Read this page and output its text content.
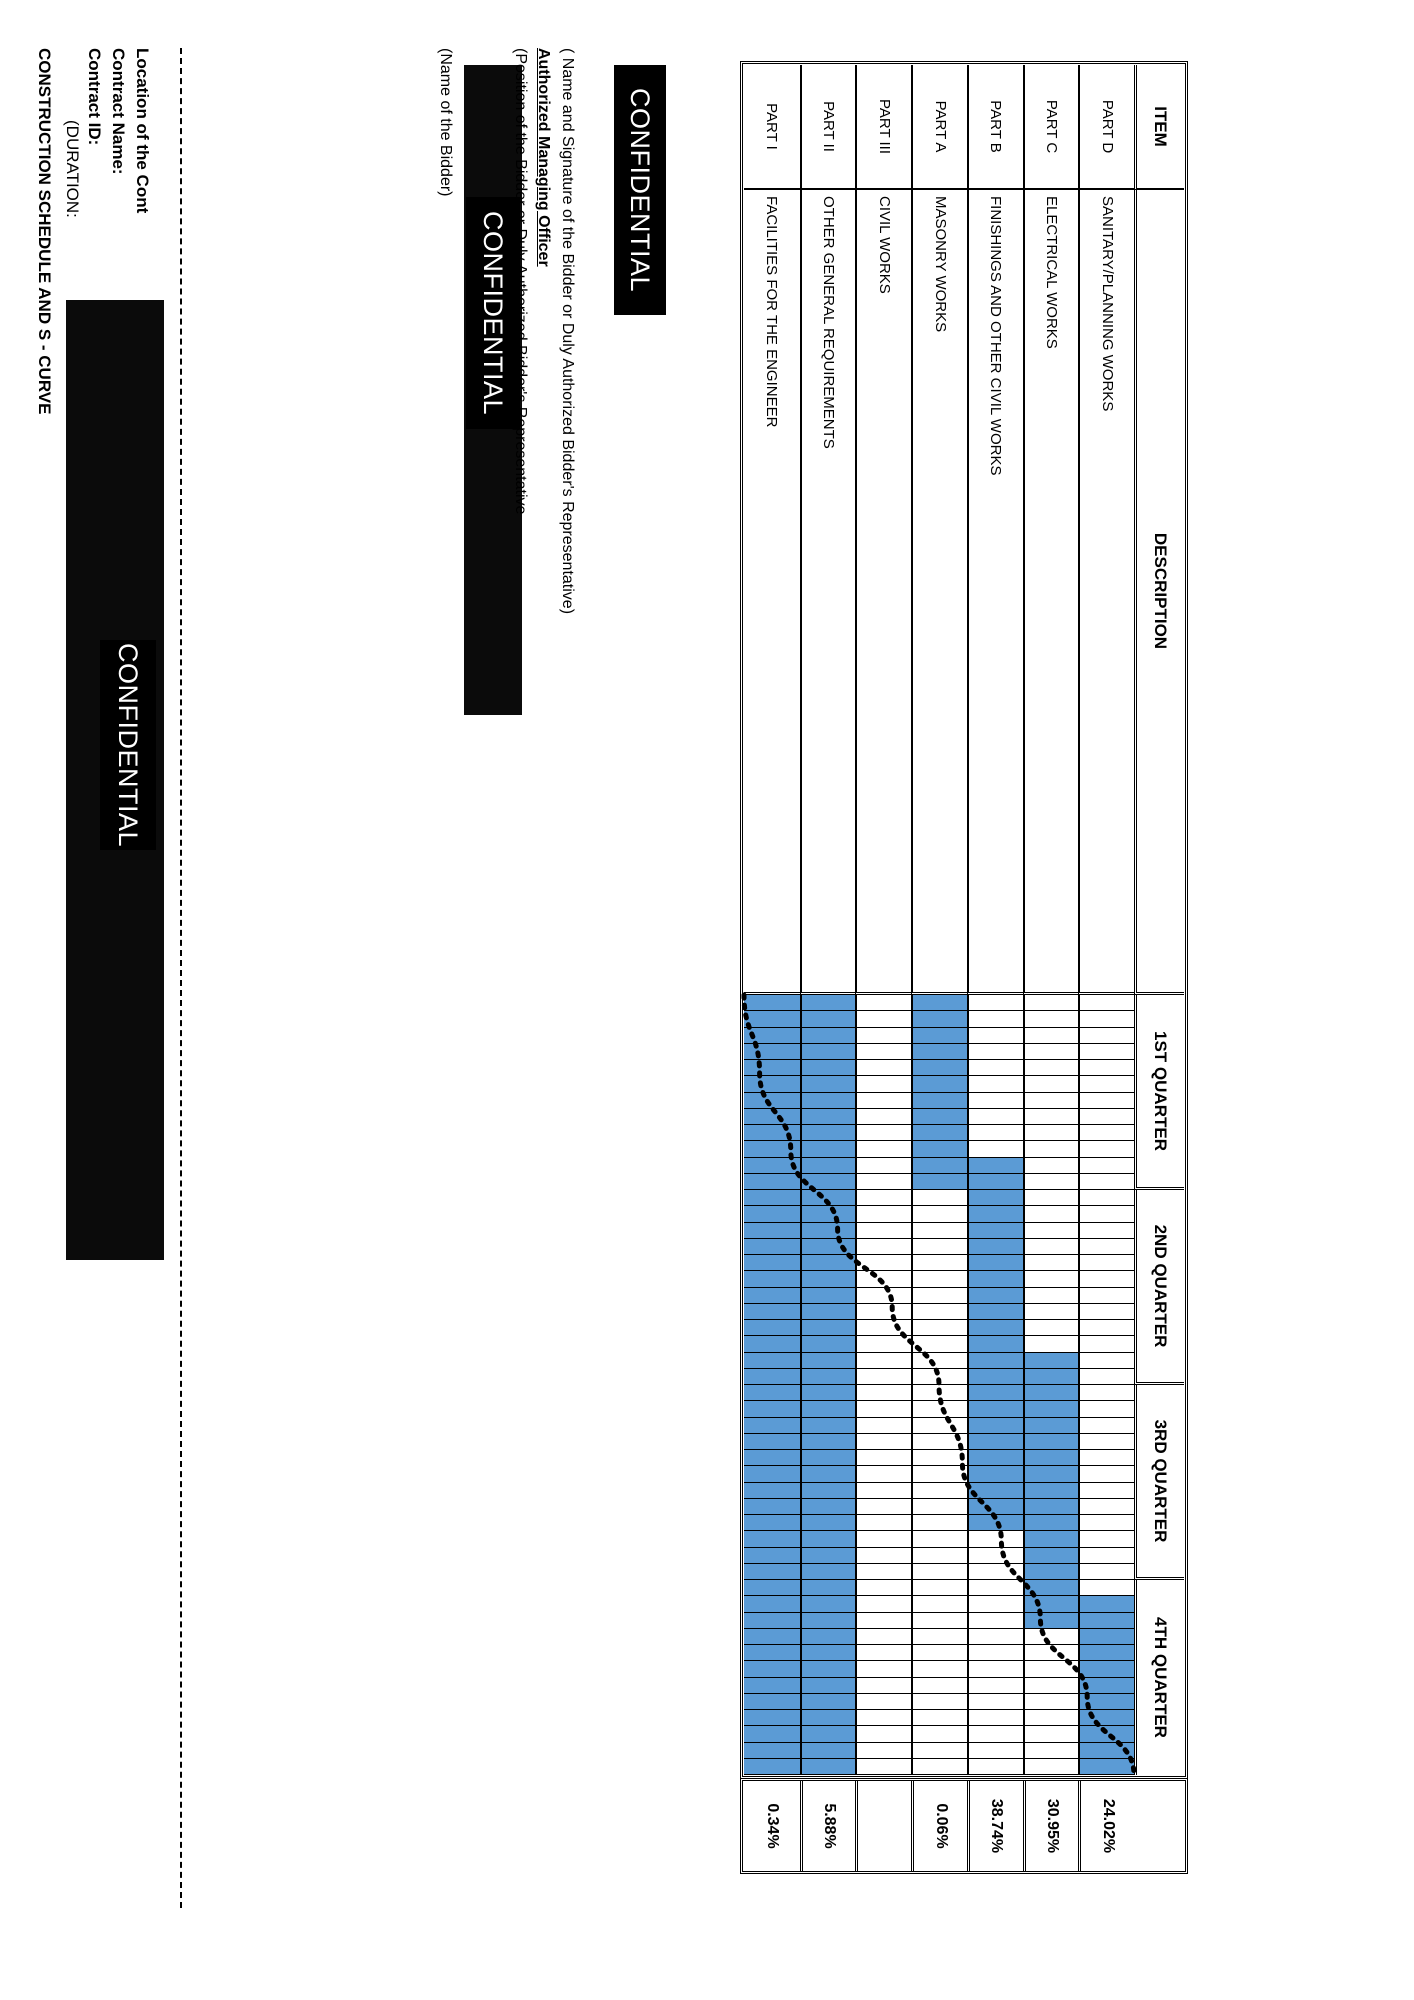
CONSTRUCTION SCHEDULE AND S - CURVE (DURATION:
Contract ID: Contract Name: Location of the Cont
CONFIDENTIAL
CONFIDENTIAL
CONFIDENTIAL	( Name and Signature of the Bidder or Duly Authorized Bidder's Representative)
Authorized Managing Officer
(Position of the Bidder or Duly Authorized Bidder's Representative
(Name of the Bidder)	ITEM
DESCRIPTION
1ST QUARTER
2ND QUARTER
3RD QUARTER
4TH QUARTER
PART D
SANITARY/PLANNING WORKS
24.02%
PART C
ELECTRICAL WORKS
30.95%
PART B
FINISHINGS AND OTHER CIVIL WORKS
38.74%
PART A
MASONRY WORKS
0.06%
PART III
CIVIL WORKS
PART II
OTHER GENERAL REQUIREMENTS
5.88%
PART I
FACILITIES FOR THE ENGINEER
0.34%
